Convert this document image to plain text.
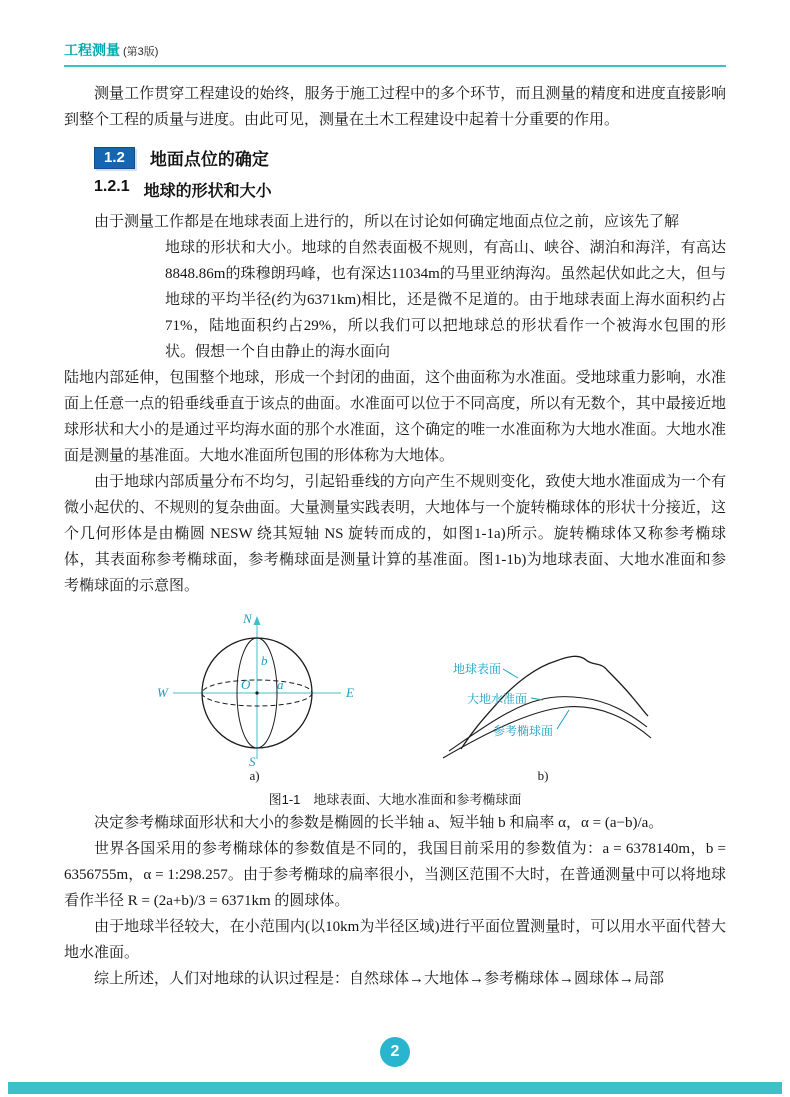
工程测量 (第3版)

测量工作贯穿工程建设的始终，服务于施工过程中的多个环节，而且测量的精度和进度直接影响到整个工程的质量与进度。由此可见，测量在土木工程建设中起着十分重要的作用。

1.2	地面点位的确定
1.2.1 地球的形状和大小

由于测量工作都是在地球表面上进行的，所以在讨论如何确定地面点位之前，应该先了解

地球的形状和大小。地球的自然表面极不规则，有高山、峡谷、湖泊和海洋，有高达8848.86m的珠穆朗玛峰，也有深达11034m的马里亚纳海沟。虽然起伏如此之大，但与地球的平均半径(约为6371km)相比，还是微不足道的。由于地球表面上海水面积约占71%，陆地面积约占29%，所以我们可以把地球总的形状看作一个被海水包围的形状。假想一个自由静止的海水面向

陆地内部延伸，包围整个地球，形成一个封闭的曲面，这个曲面称为水准面。受地球重力影响，水准面上任意一点的铅垂线垂直于该点的曲面。水准面可以位于不同高度，所以有无数个，其中最接近地球形状和大小的是通过平均海水面的那个水准面，这个确定的唯一水准面称为大地水准面。大地水准面是测量的基准面。大地水准面所包围的形体称为大地体。

由于地球内部质量分布不均匀，引起铅垂线的方向产生不规则变化，致使大地水准面成为一个有微小起伏的、不规则的复杂曲面。大量测量实践表明，大地体与一个旋转椭球体的形状十分接近，这个几何形体是由椭圆 NESW 绕其短轴 NS 旋转而成的，如图1-1a)所示。旋转椭球体又称参考椭球体，其表面称参考椭球面，参考椭球面是测量计算的基准面。图1-1b)为地球表面、大地水准面和参考椭球面的示意图。

N
S
W	E
O a
b
a)
地球表面
大地水准面
参考椭球面
b)
图1-1　地球表面、大地水准面和参考椭球面

决定参考椭球面形状和大小的参数是椭圆的长半轴 a、短半轴 b 和扁率 α，α = (a−b)/a。

世界各国采用的参考椭球体的参数值是不同的，我国目前采用的参数值为：a = 6378140m，b = 6356755m，α = 1:298.257。由于参考椭球的扁率很小，当测区范围不大时，在普通测量中可以将地球看作半径 R = (2a+b)/3 = 6371km 的圆球体。

由于地球半径较大，在小范围内(以10km为半径区域)进行平面位置测量时，可以用水平面代替大地水准面。

综上所述，人们对地球的认识过程是：自然球体→大地体→参考椭球体→圆球体→局部

2
